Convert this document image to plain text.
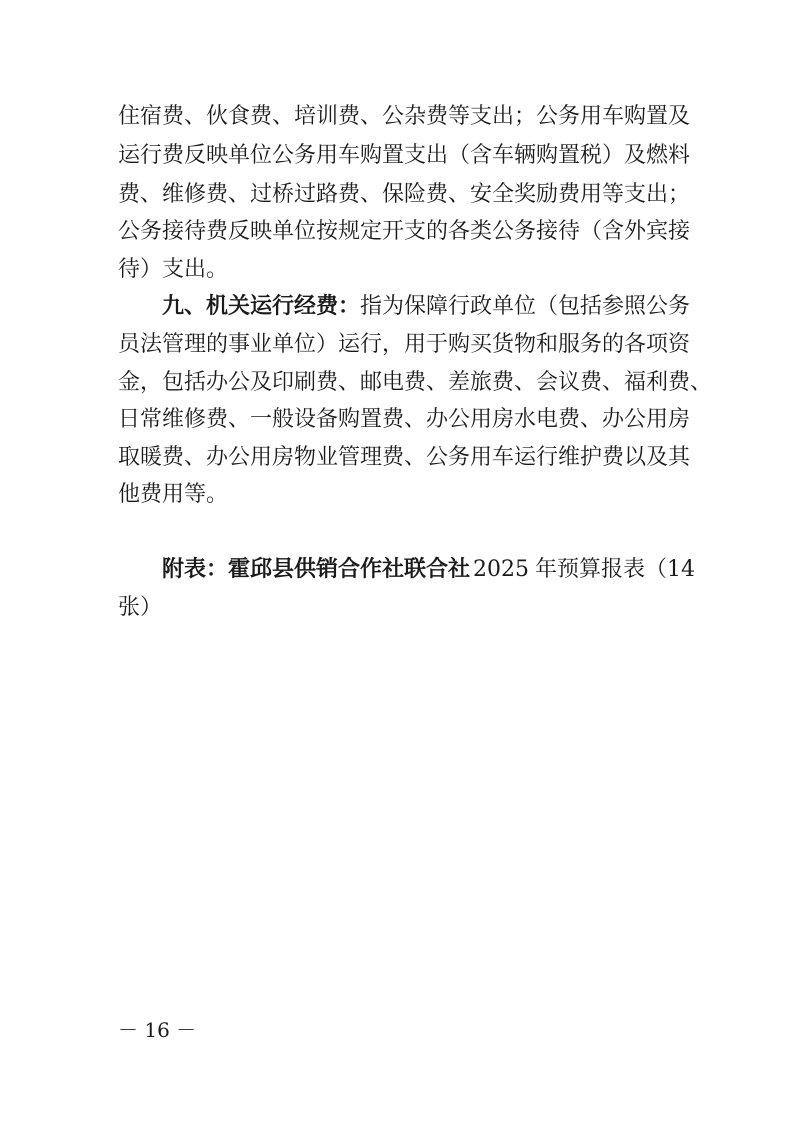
住宿费、伙食费、培训费、公杂费等支出；公务用车购置及
运行费反映单位公务用车购置支出（含车辆购置税）及燃料
费、维修费、过桥过路费、保险费、安全奖励费用等支出；
公务接待费反映单位按规定开支的各类公务接待（含外宾接
待）支出。
九、机关运行经费：指为保障行政单位（包括参照公务
员法管理的事业单位）运行，用于购买货物和服务的各项资
金，包括办公及印刷费、邮电费、差旅费、会议费、福利费、
日常维修费、一般设备购置费、办公用房水电费、办公用房
取暖费、办公用房物业管理费、公务用车运行维护费以及其
他费用等。
附表：霍邱县供销合作社联合社 2025 年预算报表（14
张）
－ 16 －
